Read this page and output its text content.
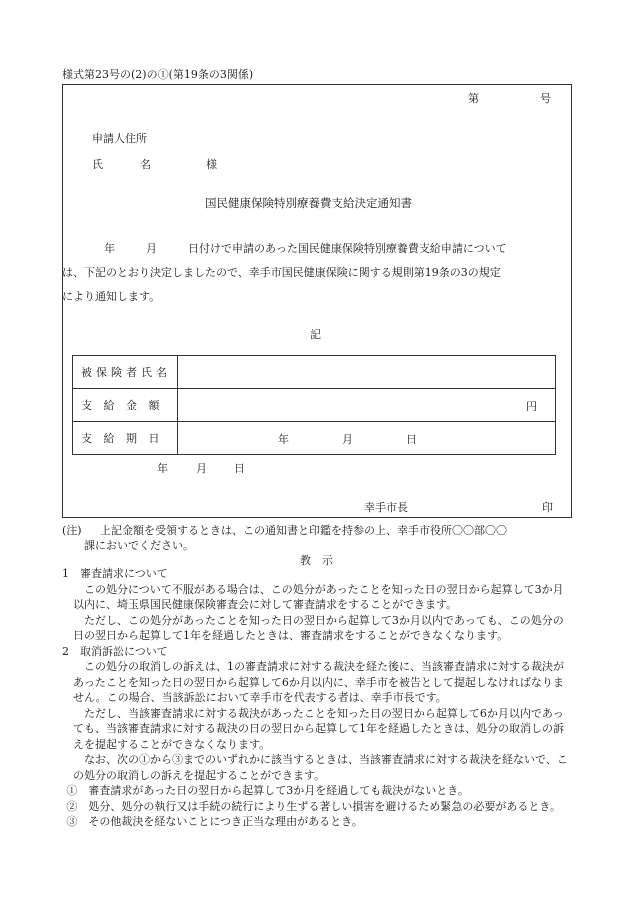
様式第23号の(2)の①(第19条の3関係)
第	号
申請人住所
氏	名	様
国民健康保険特別療養費支給決定通知書
年	月	日付けで申請のあった国民健康保険特別療養費支給申請について
は、下記のとおり決定しましたので、幸手市国民健康保険に関する規則第19条の3の規定
により通知します。
記
被保険者氏名	
支 給 金 額	円

支 給 期 日	年 月 日
年	月 日
幸手市長	印
(注) 上記金額を受領するときは、この通知書と印鑑を持参の上、幸手市役所〇〇部〇〇
課においでください。
教　示

1　審査請求について

この処分について不服がある場合は、この処分があったことを知った日の翌日から起算して3か月以内に、埼玉県国民健康保険審査会に対して審査請求をすることができます。

ただし、この処分があったことを知った日の翌日から起算して3か月以内であっても、この処分の日の翌日から起算して1年を経過したときは、審査請求をすることができなくなります。

2　取消訴訟について

この処分の取消しの訴えは、1の審査請求に対する裁決を経た後に、当該審査請求に対する裁決があったことを知った日の翌日から起算して6か月以内に、幸手市を被告として提起しなければなりません。この場合、当該訴訟において幸手市を代表する者は、幸手市長です。

ただし、当該審査請求に対する裁決があったことを知った日の翌日から起算して6か月以内であっても、当該審査請求に対する裁決の日の翌日から起算して1年を経過したときは、処分の取消しの訴えを提起することができなくなります。

なお、次の①から③までのいずれかに該当するときは、当該審査請求に対する裁決を経ないで、この処分の取消しの訴えを提起することができます。

①　審査請求があった日の翌日から起算して3か月を経過しても裁決がないとき。

②　処分、処分の執行又は手続の続行により生ずる著しい損害を避けるため緊急の必要があるとき。

③　その他裁決を経ないことにつき正当な理由があるとき。
